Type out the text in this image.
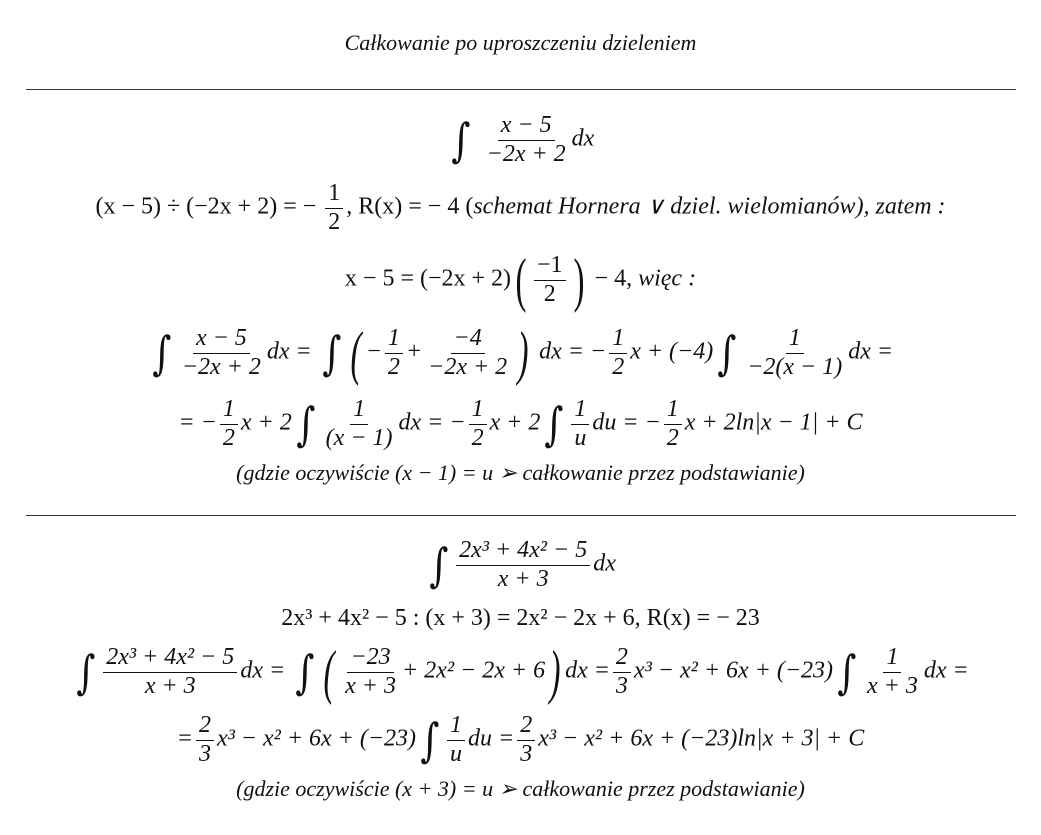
Całkowanie po uproszczeniu dzieleniem
∫ $\frac{x - 5}{-2x + 2}$ dx
(x − 5) ÷ (−2x + 2) = − $\frac{1}{2}$ , R(x) = − 4 (schemat Hornera ∨ dziel. wielomianów), zatem :
$x - 5 = (-2x + 2)( \frac{-1}{2}$ ) − 4, więc :
∫ $\frac{x - 5}{-2x + 2}$ dx = ∫ ( − $\frac{1}{2} + \frac{-4}{-2x + 2}$ ) dx = − $\frac{1}{2}$ $x + (-4)\int \frac{1}{-2(x - 1)}$ dx =
= − $\frac{1}{2}$ $x + 2\int \frac{1}{(x - 1)}$ dx = − $\frac{1}{2}$ $x + 2\int \frac{1}{u}$ du = − $\frac{1}{2}$ x + 2ln|x − 1| + C
(gdzie oczywiście (x − 1) = u ➢ całkowanie przez podstawianie)
∫ $\frac{\text{2x³ + 4x² − 5}}{x + 3}$ dx
2x³ + 4x² − 5 : (x + 3) = 2x² − 2x + 6, R(x) = − 23
∫ $\frac{\text{2x³ + 4x² − 5}}{x + 3}$ dx = ∫ ( $\frac{-23}{x + 3} + 2x^2 - 2x + 6$) dx = $\frac{2}{3} x^3 - x^2 + 6x + (-23)\int \frac{1}{x + 3}$ dx =
= $\frac{2}{3} x^3 - x^2 + 6x + (-23)\int \frac{1}{u}$ du = $\frac{2}{3} x^3 - x^2 + 6x + (-23)\ln|x + 3| + C$
(gdzie oczywiście (x + 3) = u ➢ całkowanie przez podstawianie)
